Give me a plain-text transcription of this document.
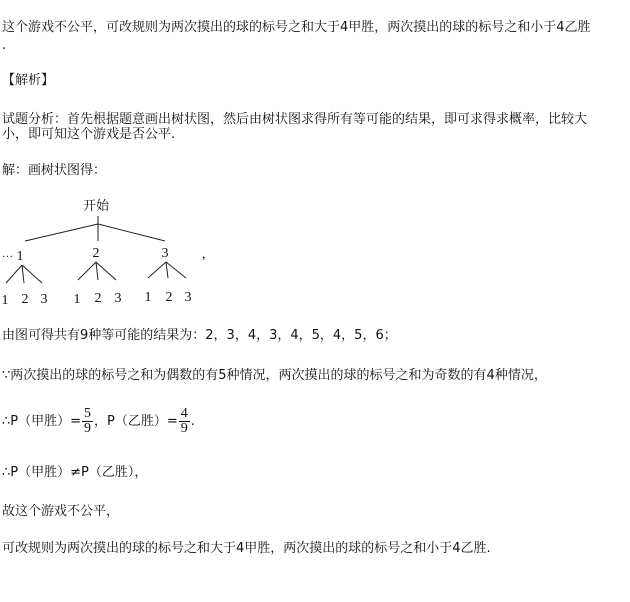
这个游戏不公平，可改规则为两次摸出的球的标号之和大于4甲胜，两次摸出的球的标号之和小于4乙胜
.
【解析】
试题分析：首先根据题意画出树状图，然后由树状图求得所有等可能的结果，即可求得求概率，比较大
小，即可知这个游戏是否公平.
解：画树状图得：
开始
… 1	2	3 ,
1 2 3 1 2 3 1 2 3
由图可得共有9种等可能的结果为：2，3，4，3，4，5，4，5，6；
∵两次摸出的球的标号之和为偶数的有5种情况，两次摸出的球的标号之和为奇数的有4种情况，
∴P（甲胜）= $\frac{5}{9}$ ，P（乙胜）= $\frac{4}{9}$ .
∴P（甲胜）≠P（乙胜），
故这个游戏不公平，
可改规则为两次摸出的球的标号之和大于4甲胜，两次摸出的球的标号之和小于4乙胜.
